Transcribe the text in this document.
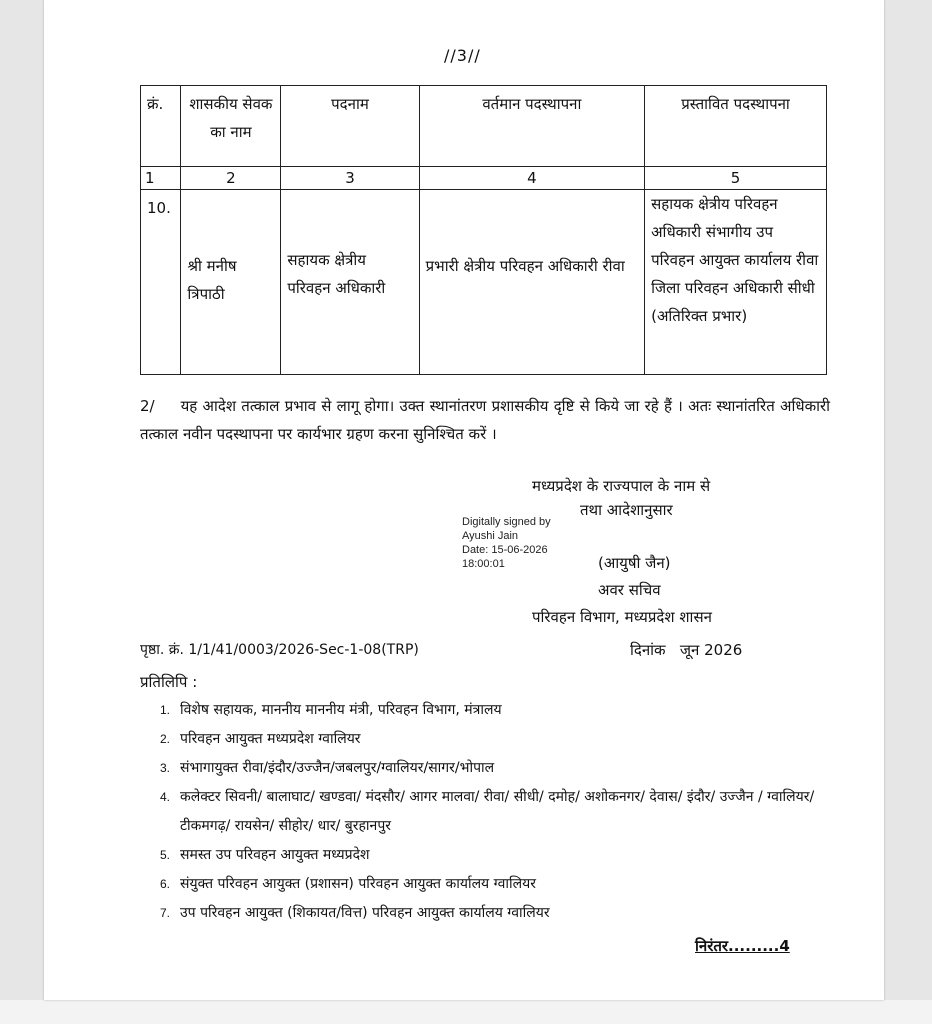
//3//
क्रं.	शासकीय सेवक का नाम	पदनाम	वर्तमान पदस्थापना	प्रस्तावित पदस्थापना
1	2	3	4	5
10.	श्री मनीष त्रिपाठी	सहायक क्षेत्रीय परिवहन अधिकारी	प्रभारी क्षेत्रीय परिवहन अधिकारी रीवा	सहायक क्षेत्रीय परिवहन अधिकारी संभागीय उप परिवहन आयुक्त कार्यालय रीवा जिला परिवहन अधिकारी सीधी (अतिरिक्त प्रभार)
2/ यह आदेश तत्काल प्रभाव से लागू होगा। उक्त स्थानांतरण प्रशासकीय दृष्टि से किये जा रहे हैं । अतः स्थानांतरित अधिकारी तत्काल नवीन पदस्थापना पर कार्यभार ग्रहण करना सुनिश्चित करें ।
मध्यप्रदेश के राज्यपाल के नाम से
तथा आदेशानुसार
Digitally signed by
Ayushi Jain
Date: 15-06-2026
18:00:01	(आयुषी जैन)
अवर सचिव
परिवहन विभाग, मध्यप्रदेश शासन
पृष्ठा. क्रं. 1/1/41/0003/2026-Sec-1-08(TRP)	दिनांक जून 2026
प्रतिलिपि :
1. विशेष सहायक, माननीय माननीय मंत्री, परिवहन विभाग, मंत्रालय
2. परिवहन आयुक्त मध्यप्रदेश ग्वालियर
3. संभागायुक्त रीवा/इंदौर/उज्जैन/जबलपुर/ग्वालियर/सागर/भोपाल
4. कलेक्टर सिवनी/ बालाघाट/ खण्डवा/ मंदसौर/ आगर मालवा/ रीवा/ सीधी/ दमोह/ अशोकनगर/ देवास/ इंदौर/ उज्जैन / ग्वालियर/ टीकमगढ़/ रायसेन/ सीहोर/ धार/ बुरहानपुर
5. समस्त उप परिवहन आयुक्त मध्यप्रदेश
6. संयुक्त परिवहन आयुक्त (प्रशासन) परिवहन आयुक्त कार्यालय ग्वालियर
7. उप परिवहन आयुक्त (शिकायत/वित्त) परिवहन आयुक्त कार्यालय ग्वालियर
निरंतर.........4
